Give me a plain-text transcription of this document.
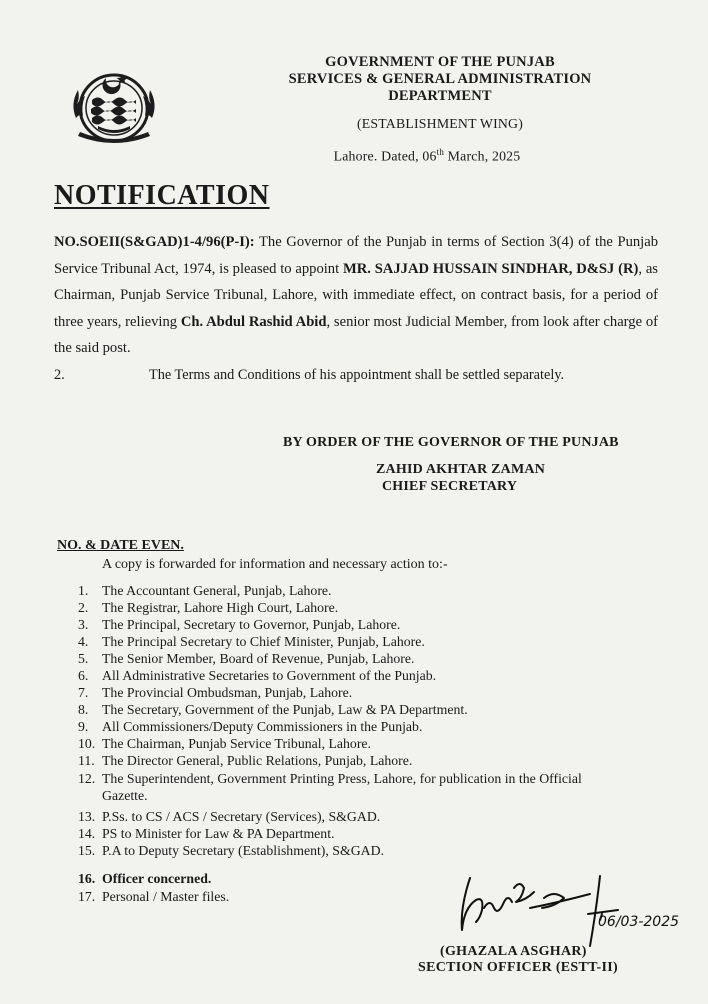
GOVERNMENT OF THE PUNJAB
SERVICES & GENERAL ADMINISTRATION
DEPARTMENT
(ESTABLISHMENT WING)
Lahore. Dated, 06th March, 2025
NOTIFICATION
NO.SOEII(S&GAD)1-4/96(P-I): The Governor of the Punjab in terms of Section 3(4) of the Punjab Service Tribunal Act, 1974, is pleased to appoint MR. SAJJAD HUSSAIN SINDHAR, D&SJ (R), as Chairman, Punjab Service Tribunal, Lahore, with immediate effect, on contract basis, for a period of three years, relieving Ch. Abdul Rashid Abid, senior most Judicial Member, from look after charge of the said post.
2.	The Terms and Conditions of his appointment shall be settled separately.
BY ORDER OF THE GOVERNOR OF THE PUNJAB
ZAHID AKHTAR ZAMAN
CHIEF SECRETARY
NO. & DATE EVEN.
A copy is forwarded for information and necessary action to:-
1. The Accountant General, Punjab, Lahore.
2. The Registrar, Lahore High Court, Lahore.
3. The Principal, Secretary to Governor, Punjab, Lahore.
4. The Principal Secretary to Chief Minister, Punjab, Lahore.
5. The Senior Member, Board of Revenue, Punjab, Lahore.
6. All Administrative Secretaries to Government of the Punjab.
7. The Provincial Ombudsman, Punjab, Lahore.
8. The Secretary, Government of the Punjab, Law & PA Department.
9. All Commissioners/Deputy Commissioners in the Punjab.
10. The Chairman, Punjab Service Tribunal, Lahore.
11. The Director General, Public Relations, Punjab, Lahore.
12. The Superintendent, Government Printing Press, Lahore, for publication in the Official
Gazette.
13. P.Ss. to CS / ACS / Secretary (Services), S&GAD.
14. PS to Minister for Law & PA Department.
15. P.A to Deputy Secretary (Establishment), S&GAD.
16. Officer concerned.
17. Personal / Master files.
06/03-2025
(GHAZALA ASGHAR)
SECTION OFFICER (ESTT-II)
